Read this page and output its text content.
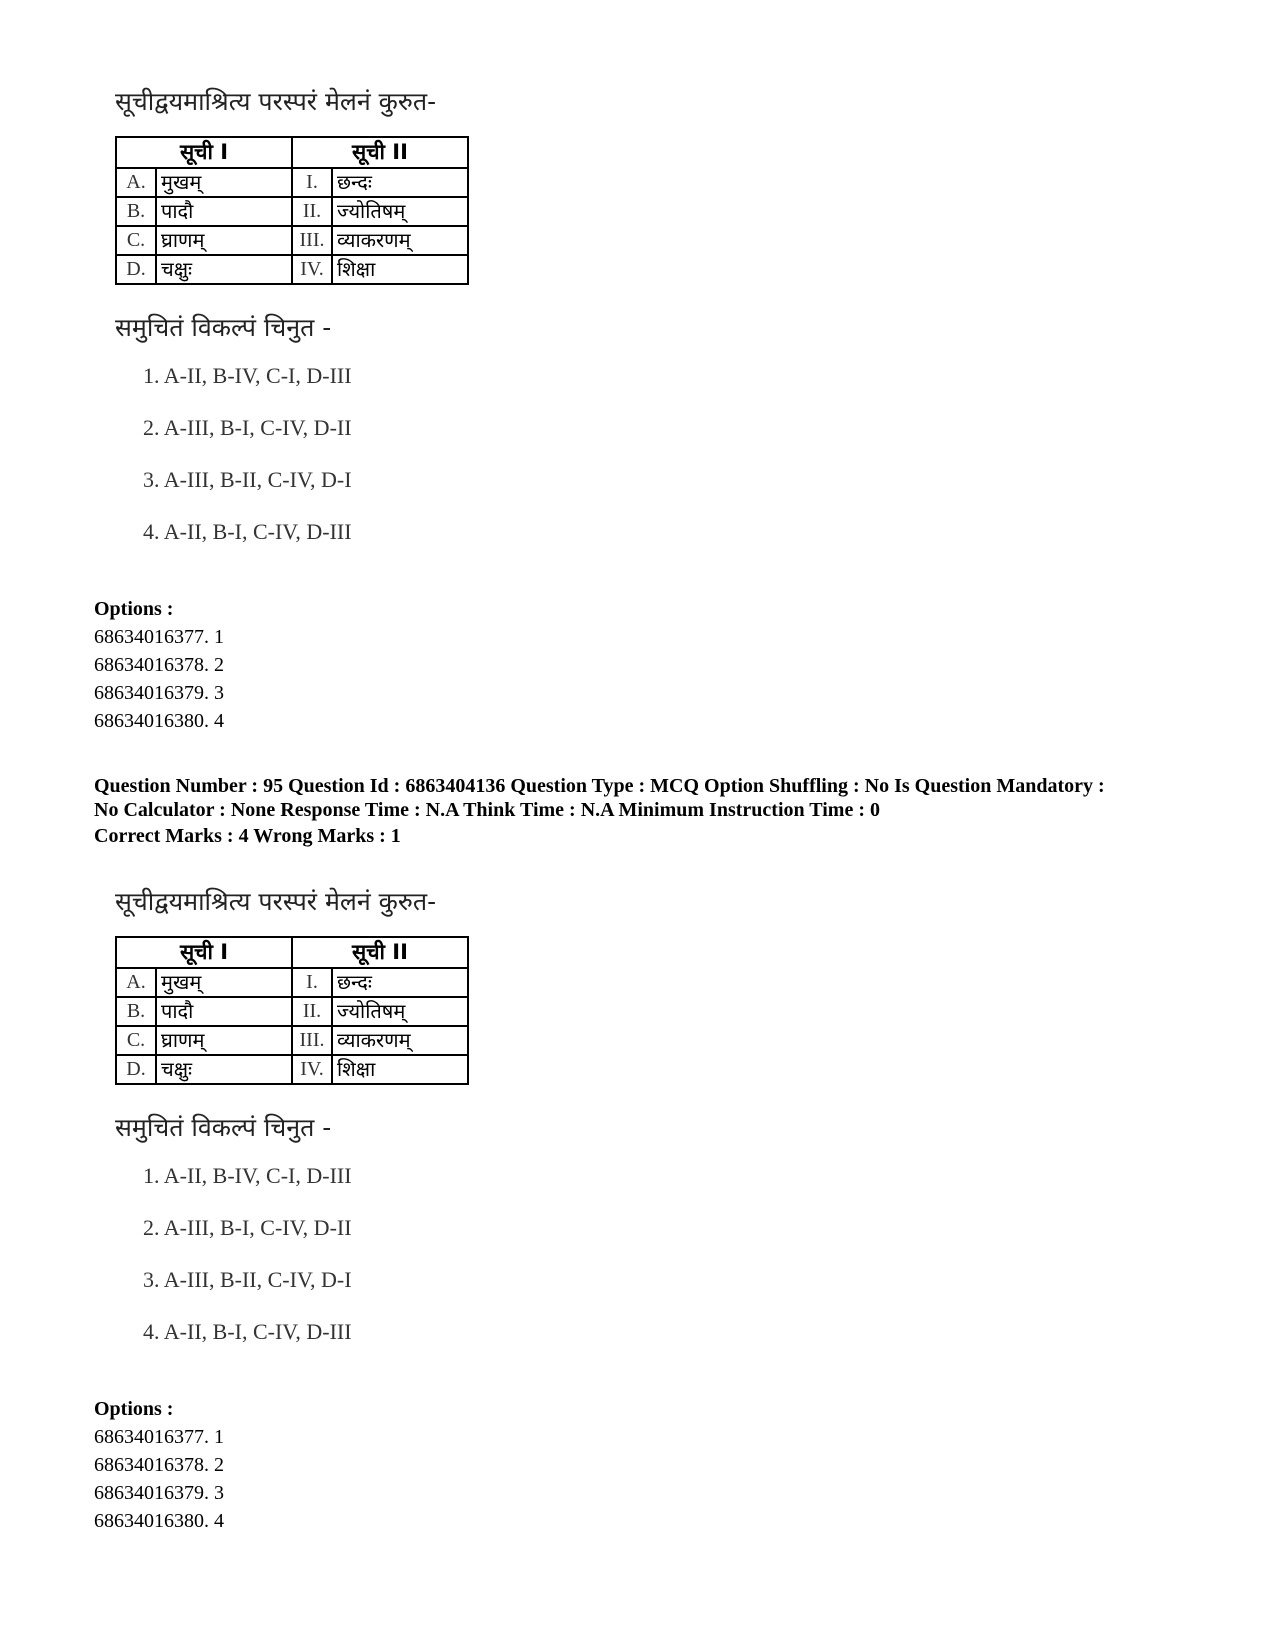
सूचीद्वयमाश्रित्य परस्परं मेलनं कुरुत-
सूची I		सूची II	
A.	मुखम्	I.	छन्दः
B.	पादौ	II.	ज्योतिषम्
C.	घ्राणम्	III.	व्याकरणम्
D.	चक्षुः	IV.	शिक्षा
समुचितं विकल्पं चिनुत -
1. A-II, B-IV, C-I, D-III
2. A-III, B-I, C-IV, D-II
3. A-III, B-II, C-IV, D-I
4. A-II, B-I, C-IV, D-III
Options :
68634016377. 1
68634016378. 2
68634016379. 3
68634016380. 4
Question Number : 95 Question Id : 6863404136 Question Type : MCQ Option Shuffling : No Is Question Mandatory :
No Calculator : None Response Time : N.A Think Time : N.A Minimum Instruction Time : 0
Correct Marks : 4 Wrong Marks : 1
सूचीद्वयमाश्रित्य परस्परं मेलनं कुरुत-
सूची I		सूची II	
A.	मुखम्	I.	छन्दः
B.	पादौ	II.	ज्योतिषम्
C.	घ्राणम्	III.	व्याकरणम्
D.	चक्षुः	IV.	शिक्षा
समुचितं विकल्पं चिनुत -
1. A-II, B-IV, C-I, D-III
2. A-III, B-I, C-IV, D-II
3. A-III, B-II, C-IV, D-I
4. A-II, B-I, C-IV, D-III
Options :
68634016377. 1
68634016378. 2
68634016379. 3
68634016380. 4
